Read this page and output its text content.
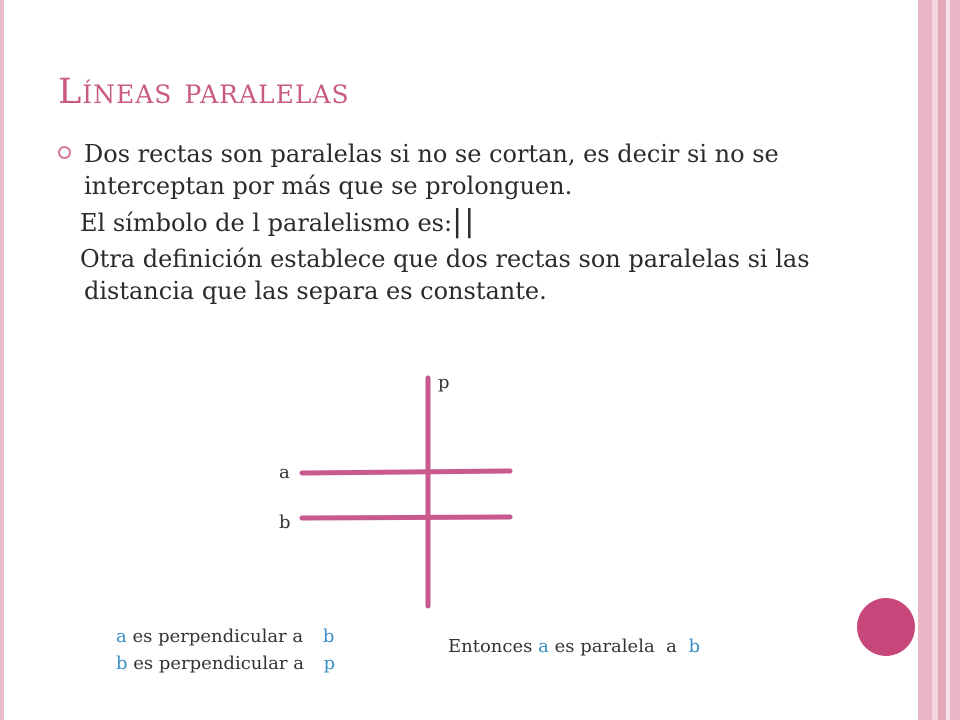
Líneas paralelas

Dos rectas son paralelas si no se cortan, es decir si no se interceptan por más que se prolonguen.

El símbolo de l paralelismo es:||

Otra definición establece que dos rectas son paralelas si las distancia que las separa es constante.

p
a
b
a es perpendicular a b
b es perpendicular a p
Entonces a es paralela  a b
